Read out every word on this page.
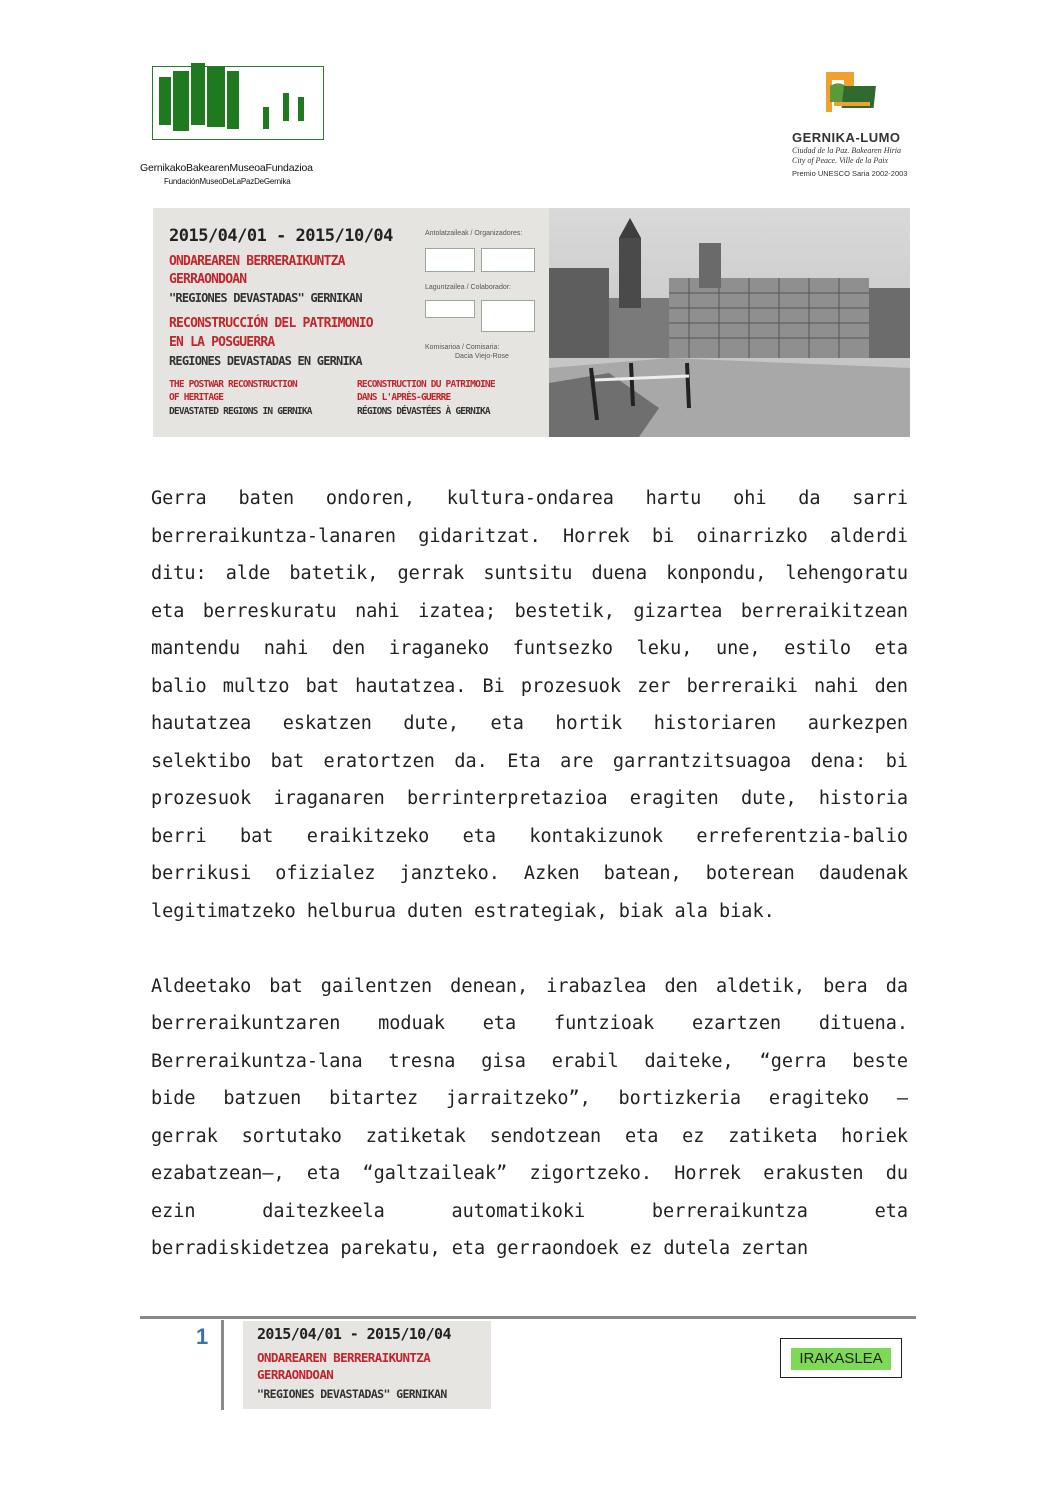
GernikakoBakearenMuseoaFundazioa
FundaciónMuseoDeLaPazDeGernika
GERNIKA-LUMO
Ciudad de la Paz. Bakearen Hiria
City of Peace. Ville de la Paix
Premio UNESCO Saria 2002-2003
2015/04/01 - 2015/10/04
ONDAREAREN BERRERAIKUNTZA
GERRAONDOAN
"REGIONES DEVASTADAS" GERNIKAN
RECONSTRUCCIÓN DEL PATRIMONIO
EN LA POSGUERRA
REGIONES DEVASTADAS EN GERNIKA
THE POSTWAR RECONSTRUCTION
OF HERITAGE
DEVASTATED REGIONS IN GERNIKA
RECONSTRUCTION DU PATRIMOINE
DANS L'APRÈS-GUERRE
RÉGIONS DÉVASTÉES À GERNIKA
Antolatzaileak / Organizadores:
Laguntzailea / Colaborador:
Komisarioa / Comisaria:
Dacia Viejo-Rose
Gerra baten ondoren, kultura-ondarea hartu ohi da sarri
berreraikuntza-lanaren gidaritzat. Horrek bi oinarrizko alderdi
ditu: alde batetik, gerrak suntsitu duena konpondu, lehengoratu
eta berreskuratu nahi izatea; bestetik, gizartea berreraikitzean
mantendu nahi den iraganeko funtsezko leku, une, estilo eta
balio multzo bat hautatzea. Bi prozesuok zer berreraiki nahi den
hautatzea eskatzen dute, eta hortik historiaren aurkezpen
selektibo bat eratortzen da. Eta are garrantzitsuagoa dena: bi
prozesuok iraganaren berrinterpretazioa eragiten dute, historia
berri bat eraikitzeko eta kontakizunok erreferentzia-balio
berrikusi ofizialez janzteko. Azken batean, boterean daudenak
legitimatzeko helburua duten estrategiak, biak ala biak.
Aldeetako bat gailentzen denean, irabazlea den aldetik, bera da
berreraikuntzaren moduak eta funtzioak ezartzen dituena.
Berreraikuntza-lana tresna gisa erabil daiteke, “gerra beste
bide batzuen bitartez jarraitzeko”, bortizkeria eragiteko –
gerrak sortutako zatiketak sendotzean eta ez zatiketa horiek
ezabatzean–, eta “galtzaileak” zigortzeko. Horrek erakusten du
ezin daitezkeela automatikoki berreraikuntza eta
berradiskidetzea parekatu, eta gerraondoek ez dutela zertan
1	2015/04/01 - 2015/10/04
ONDAREAREN BERRERAIKUNTZA
GERRAONDOAN
"REGIONES DEVASTADAS" GERNIKAN
IRAKASLEA
